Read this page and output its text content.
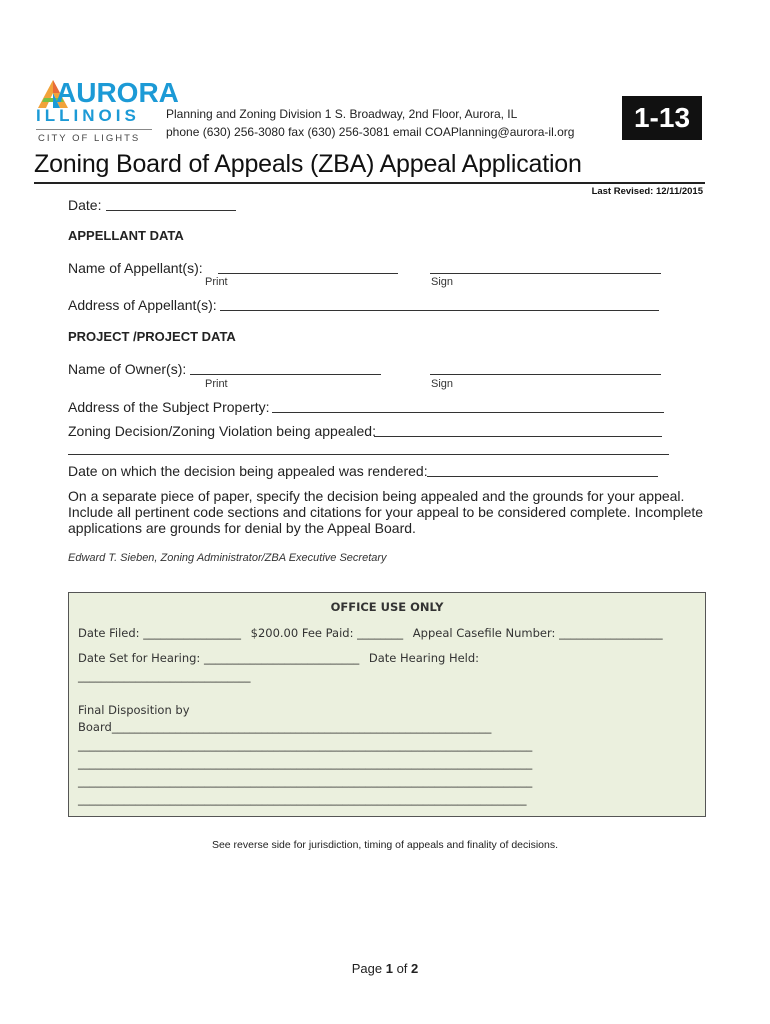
AURORA
ILLINOIS
CITY OF LIGHTS
Planning and Zoning Division 1 S. Broadway, 2nd Floor, Aurora, IL
phone (630) 256-3080 fax (630) 256-3081 email COAPlanning@aurora-il.org	1-13
Zoning Board of Appeals (ZBA) Appeal Application
Last Revised: 12/11/2015
Date:
APPELLANT DATA
Name of Appellant(s):
Print	Sign
Address of Appellant(s):
PROJECT /PROJECT DATA
Name of Owner(s):
Print	Sign
Address of the Subject Property:
Zoning Decision/Zoning Violation being appealed:
Date on which the decision being appealed was rendered:
On a separate piece of paper, specify the decision being appealed and the grounds for your appeal.
Include all pertinent code sections and citations for your appeal to be considered complete. Incomplete
applications are grounds for denial by the Appeal Board.
Edward T. Sieben, Zoning Administrator/ZBA Executive Secretary
OFFICE USE ONLY
Date Filed: _________________ $200.00 Fee Paid: ________ Appeal Casefile Number: __________________
Date Set for Hearing: ___________________________ Date Hearing Held:
______________________________
Final Disposition by
Board__________________________________________________________________
_______________________________________________________________________________
_______________________________________________________________________________
_______________________________________________________________________________
______________________________________________________________________________
See reverse side for jurisdiction, timing of appeals and finality of decisions.
Page 1 of 2
